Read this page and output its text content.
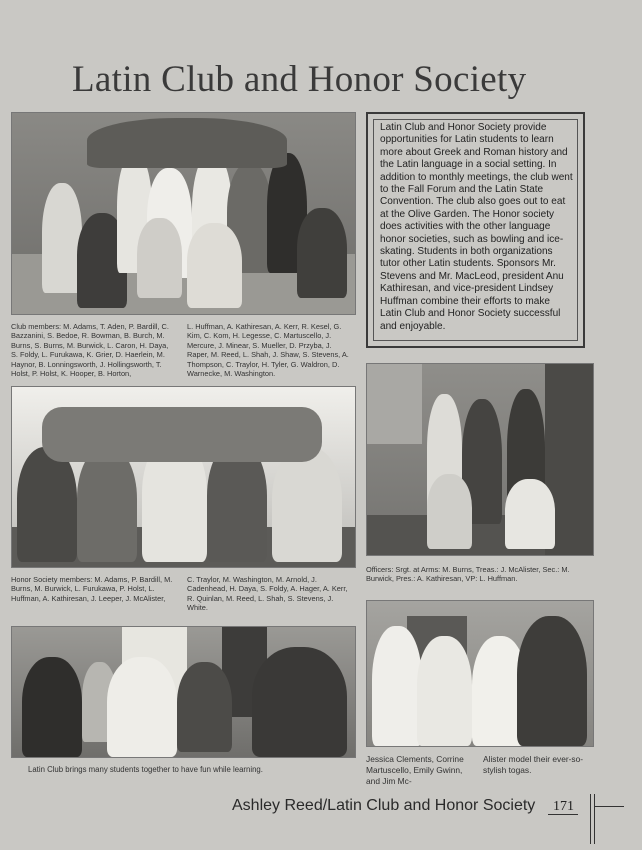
Latin Club and Honor Society

Club members: M. Adams, T. Aden, P. Bardill, C. Bazzanini, S. Bedoe, R. Bowman, B. Burch, M. Burns, S. Burns, M. Burwick, L. Caron, H. Daya, S. Foldy, L. Furukawa, K. Grier, D. Haerlein, M. Haynor, B. Lonningsworth, J. Hollingsworth, T. Holst, P. Holst, K. Hooper, B. Horton,

L. Huffman, A. Kathiresan, A. Kerr, R. Kesel, G. Kim, C. Kom, H. Legesse, C. Martuscello, J. Mercure, J. Minear, S. Mueller, D. Przyba, J. Raper, M. Reed, L. Shah, J. Shaw, S. Stevens, A. Thompson, C. Traylor, H. Tyler, G. Waldron, D. Warnecke, M. Washington.

Latin Club and Honor Society provide opportunities for Latin students to learn more about Greek and Roman history and the Latin language in a social setting. In addition to monthly meetings, the club went to the Fall Forum and the Latin State Convention. The club also goes out to eat at the Olive Garden. The Honor society does activities with the other language honor societies, such as bowling and ice-skating. Students in both organizations tutor other Latin students. Sponsors Mr. Stevens and Mr. MacLeod, president Anu Kathiresan, and vice-president Lindsey Huffman combine their efforts to make Latin Club and Honor Society successful and enjoyable.

Honor Society members: M. Adams, P. Bardill, M. Burns, M. Burwick, L. Furukawa, P. Holst, L. Huffman, A. Kathiresan, J. Leeper, J. McAlister,

C. Traylor, M. Washington, M. Arnold, J. Cadenhead, H. Daya, S. Foldy, A. Hager, A. Kerr, R. Quinlan, M. Reed, L. Shah, S. Stevens, J. White.

Officers: Srgt. at Arms: M. Burns, Treas.: J. McAlister, Sec.: M. Burwick, Pres.: A. Kathiresan, VP: L. Huffman.

Latin Club brings many students together to have fun while learning.

Jessica Clements, Corrine Martuscello, Emily Gwinn, and Jim Mc-

Alister model their ever-so-stylish togas.

Ashley Reed/Latin Club and Honor Society 171
